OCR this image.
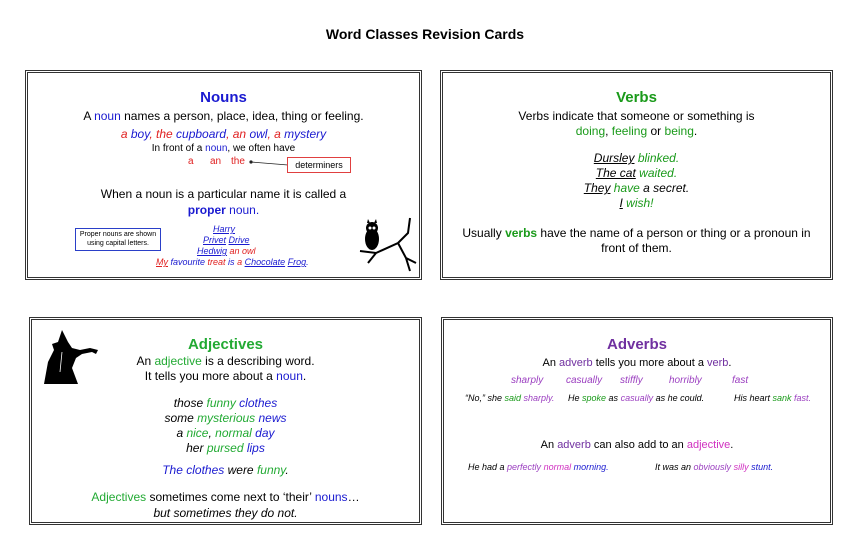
Word Classes Revision Cards
Nouns
A noun names a person, place, idea, thing or feeling.
a boy, the cupboard, an owl, a mystery
In front of a noun, we often have
a an the	determiners
When a noun is a particular name it is called a
proper noun.
Proper nouns are shown
using capital letters.
Harry
Privet Drive
Hedwig an owl
My favourite treat is a Chocolate Frog.
Verbs
Verbs indicate that someone or something is
doing, feeling or being.
Dursley blinked.
The cat waited.
They have a secret.
I wish!
Usually verbs have the name of a person or thing or a pronoun in
front of them.
Adjectives
An adjective is a describing word.
It tells you more about a noun.
those funny clothes
some mysterious news
a nice, normal day
her pursed lips
The clothes were funny.
Adjectives sometimes come next to ‘their’ nouns…
but sometimes they do not.
Adverbs
An adverb tells you more about a verb.
sharply casually stiffly	horribly	fast
“No,” she said sharply. He spoke as casually as he could.	His heart sank fast.
An adverb can also add to an adjective.
He had a perfectly normal morning.	It was an obviously silly stunt.
